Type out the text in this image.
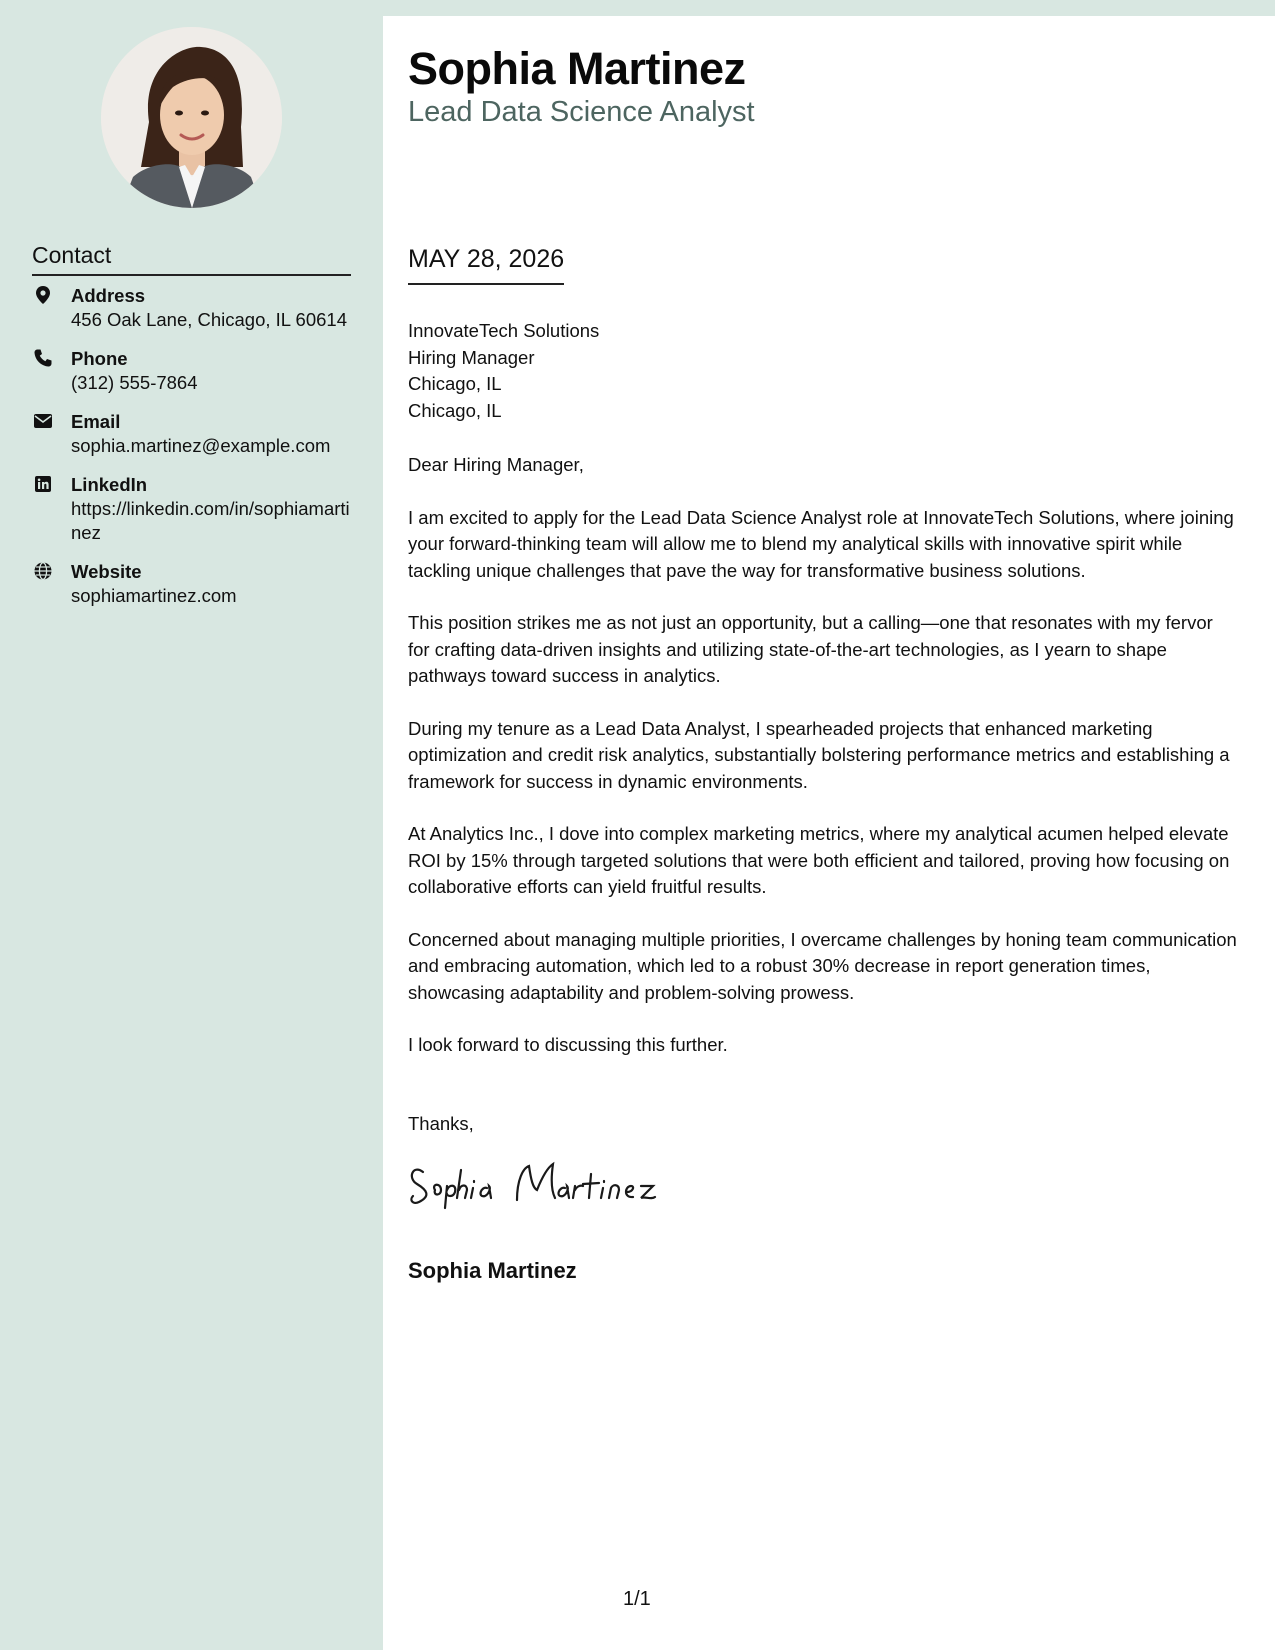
Contact
Address
456 Oak Lane, Chicago, IL 60614
Phone
(312) 555-7864
Email
sophia.martinez@example.com
LinkedIn
https://linkedin.com/in/sophiamartinez
Website
sophiamartinez.com
Sophia Martinez
Lead Data Science Analyst
MAY 28, 2026
InnovateTech Solutions
Hiring Manager
Chicago, IL
Chicago, IL

Dear Hiring Manager,

I am excited to apply for the Lead Data Science Analyst role at InnovateTech Solutions, where joining your forward-thinking team will allow me to blend my analytical skills with innovative spirit while tackling unique challenges that pave the way for transformative business solutions.

This position strikes me as not just an opportunity, but a calling—one that resonates with my fervor for crafting data-driven insights and utilizing state-of-the-art technologies, as I yearn to shape pathways toward success in analytics.

During my tenure as a Lead Data Analyst, I spearheaded projects that enhanced marketing optimization and credit risk analytics, substantially bolstering performance metrics and establishing a framework for success in dynamic environments.

At Analytics Inc., I dove into complex marketing metrics, where my analytical acumen helped elevate ROI by 15% through targeted solutions that were both efficient and tailored, proving how focusing on collaborative efforts can yield fruitful results.

Concerned about managing multiple priorities, I overcame challenges by honing team communication and embracing automation, which led to a robust 30% decrease in report generation times, showcasing adaptability and problem-solving prowess.

I look forward to discussing this further.

Thanks,
Sophia Martinez
1/1
